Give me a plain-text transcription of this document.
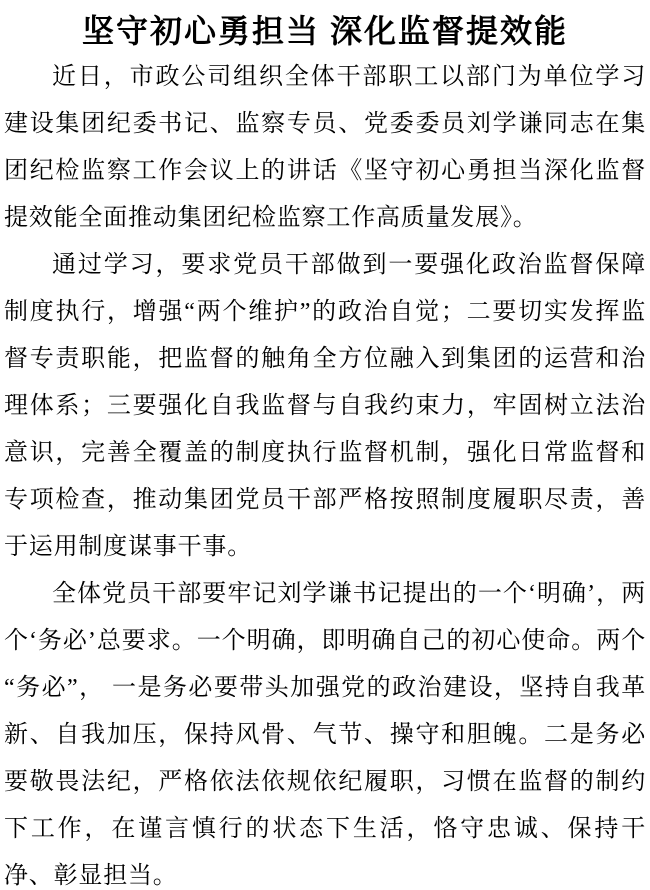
坚守初心勇担当 深化监督提效能

近日，市政公司组织全体干部职工以部门为单位学习建设集团纪委书记、监察专员、党委委员刘学谦同志在集团纪检监察工作会议上的讲话《坚守初心勇担当深化监督提效能全面推动集团纪检监察工作高质量发展》。

通过学习，要求党员干部做到一要强化政治监督保障制度执行，增强“两个维护”的政治自觉；二要切实发挥监督专责职能，把监督的触角全方位融入到集团的运营和治理体系；三要强化自我监督与自我约束力，牢固树立法治意识，完善全覆盖的制度执行监督机制，强化日常监督和专项检查，推动集团党员干部严格按照制度履职尽责，善于运用制度谋事干事。

全体党员干部要牢记刘学谦书记提出的一个‘明确’，两个‘务必’总要求。一个明确，即明确自己的初心使命。两个“务必”， 一是务必要带头加强党的政治建设，坚持自我革新、自我加压，保持风骨、气节、操守和胆魄。二是务必要敬畏法纪，严格依法依规依纪履职，习惯在监督的制约下工作，在谨言慎行的状态下生活，恪守忠诚、保持干净、彰显担当。
